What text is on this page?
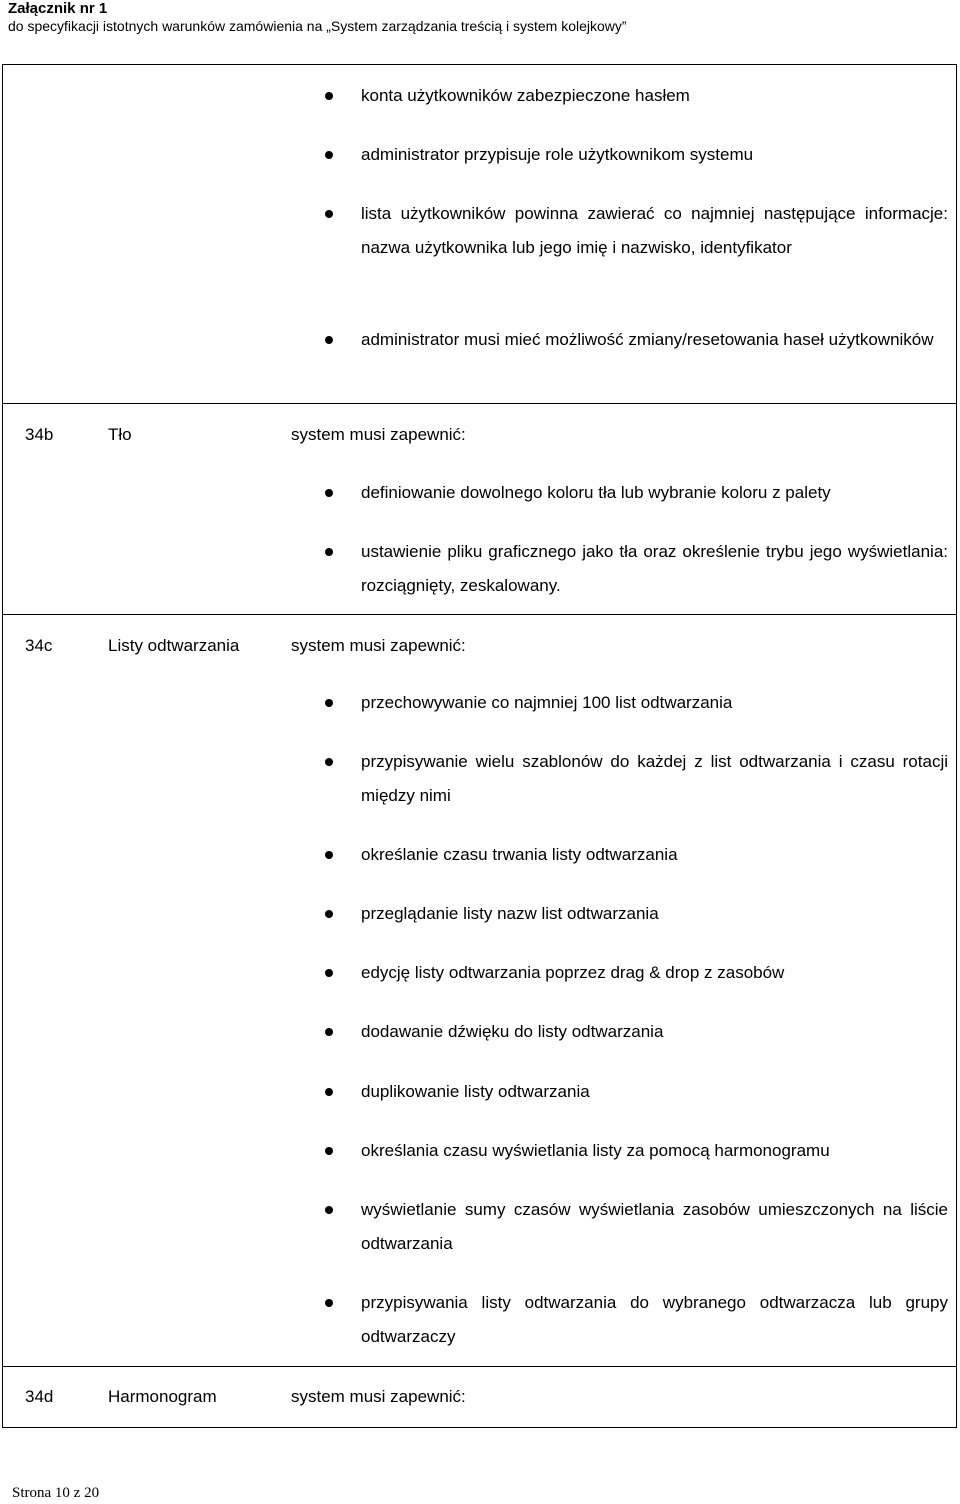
Załącznik nr 1
do specyfikacji istotnych warunków zamówienia na „System zarządzania treścią i system kolejkowy”
konta użytkowników zabezpieczone hasłem
administrator przypisuje role użytkownikom systemu
lista użytkowników powinna zawierać co najmniej następujące informacje: nazwa użytkownika lub jego imię i nazwisko, identyfikator
administrator musi mieć możliwość zmiany/resetowania haseł użytkowników
34b	Tło	system musi zapewnić:
definiowanie dowolnego koloru tła lub wybranie koloru z palety
ustawienie pliku graficznego jako tła oraz określenie trybu jego wyświetlania: rozciągnięty, zeskalowany.
34c	Listy odtwarzania	system musi zapewnić:
przechowywanie co najmniej 100 list odtwarzania
przypisywanie wielu szablonów do każdej z list odtwarzania i czasu rotacji między nimi
określanie czasu trwania listy odtwarzania
przeglądanie listy nazw list odtwarzania
edycję listy odtwarzania poprzez drag & drop z zasobów
dodawanie dźwięku do listy odtwarzania
duplikowanie listy odtwarzania
określania czasu wyświetlania listy za pomocą harmonogramu
wyświetlanie sumy czasów wyświetlania zasobów umieszczonych na liście odtwarzania
przypisywania listy odtwarzania do wybranego odtwarzacza lub grupy odtwarzaczy
34d	Harmonogram	system musi zapewnić:
Strona 10 z 20
